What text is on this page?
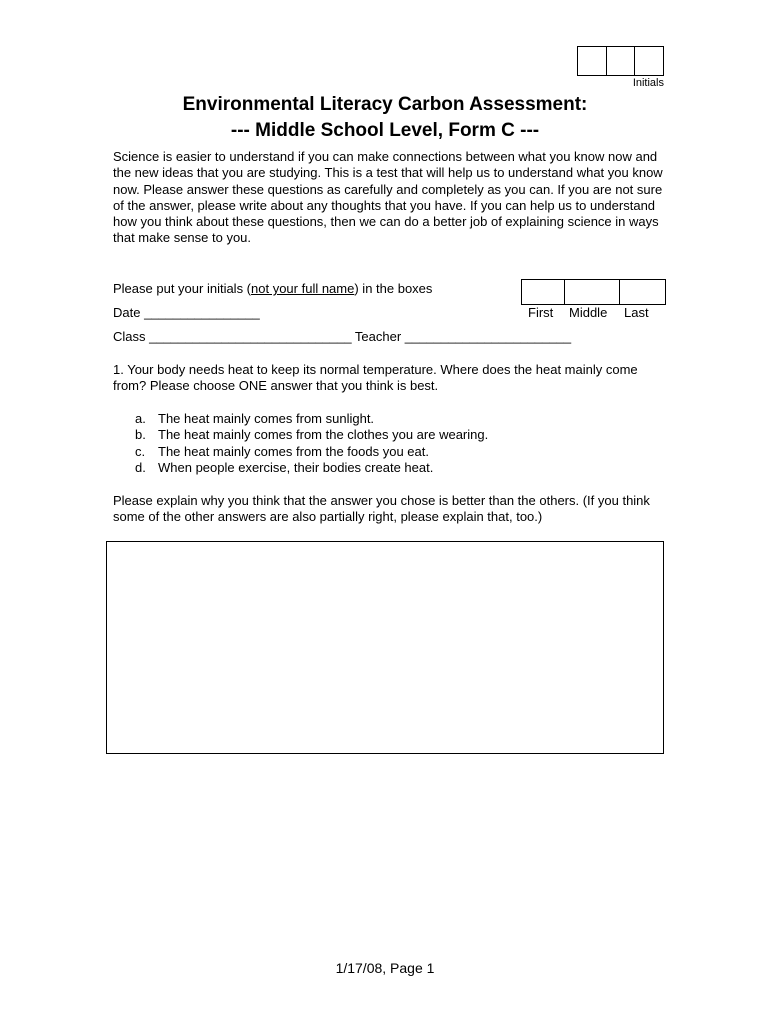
Initials
Environmental Literacy Carbon Assessment:
--- Middle School Level, Form C ---
Science is easier to understand if you can make connections between what you know now and the new ideas that you are studying. This is a test that will help us to understand what you know now. Please answer these questions as carefully and completely as you can. If you are not sure of the answer, please write about any thoughts that you have. If you can help us to understand how you think about these questions, then we can do a better job of explaining science in ways that make sense to you.
Please put your initials (not your full name) in the boxes
First Middle Last
Date ________________
Class ____________________________ Teacher _______________________
1. Your body needs heat to keep its normal temperature. Where does the heat mainly come from? Please choose ONE answer that you think is best.
a. The heat mainly comes from sunlight.
b. The heat mainly comes from the clothes you are wearing.
c. The heat mainly comes from the foods you eat.
d. When people exercise, their bodies create heat.
Please explain why you think that the answer you chose is better than the others. (If you think some of the other answers are also partially right, please explain that, too.)
1/17/08, Page 1
